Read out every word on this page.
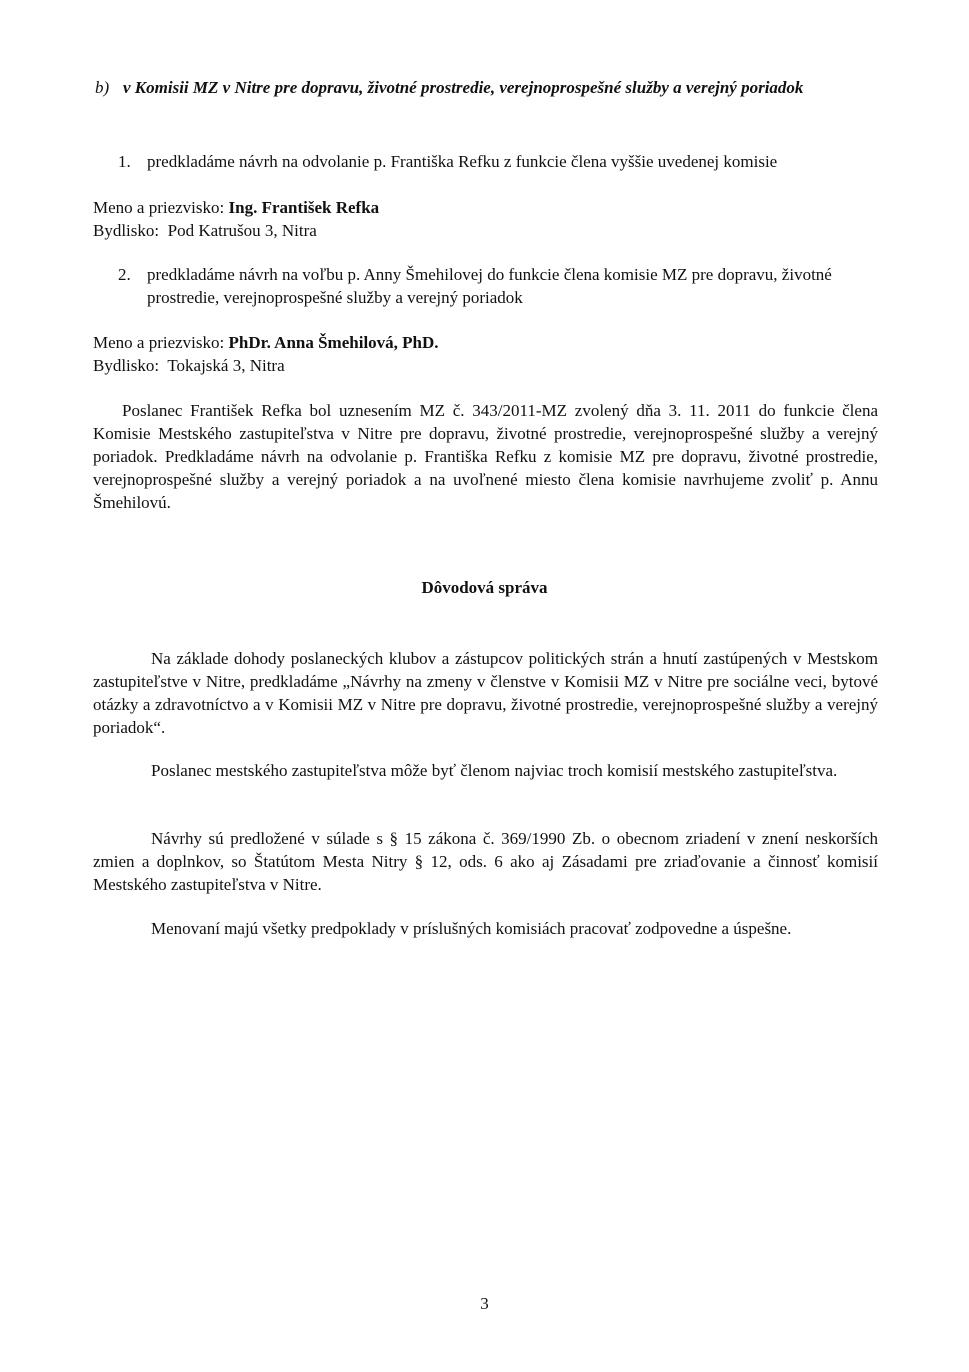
b) v Komisii MZ v Nitre pre dopravu, životné prostredie, verejnoprospešné služby a verejný poriadok
1. predkladáme návrh na odvolanie p. Františka Refku z funkcie člena vyššie uvedenej komisie
Meno a priezvisko: Ing. František Refka
Bydlisko: Pod Katrušou 3, Nitra
2. predkladáme návrh na voľbu p. Anny Šmehilovej do funkcie člena komisie MZ pre dopravu, životné prostredie, verejnoprospešné služby a verejný poriadok
Meno a priezvisko: PhDr. Anna Šmehilová, PhD.
Bydlisko: Tokajská 3, Nitra
Poslanec František Refka bol uznesením MZ č. 343/2011-MZ zvolený dňa 3. 11. 2011 do funkcie člena Komisie Mestského zastupiteľstva v Nitre pre dopravu, životné prostredie, verejnoprospešné služby a verejný poriadok. Predkladáme návrh na odvolanie p. Františka Refku z komisie MZ pre dopravu, životné prostredie, verejnoprospešné služby a verejný poriadok a na uvoľnené miesto člena komisie navrhujeme zvoliť p. Annu Šmehilovú.
Dôvodová správa
Na základe dohody poslaneckých klubov a zástupcov politických strán a hnutí zastúpených v Mestskom zastupiteľstve v Nitre, predkladáme „Návrhy na zmeny v členstve v Komisii MZ v Nitre pre sociálne veci, bytové otázky a zdravotníctvo a v Komisii MZ v Nitre pre dopravu, životné prostredie, verejnoprospešné služby a verejný poriadok“.
Poslanec mestského zastupiteľstva môže byť členom najviac troch komisií mestského zastupiteľstva.
Návrhy sú predložené v súlade s § 15 zákona č. 369/1990 Zb. o obecnom zriadení v znení neskorších zmien a doplnkov, so Štatútom Mesta Nitry § 12, ods. 6 ako aj Zásadami pre zriaďovanie a činnosť komisií Mestského zastupiteľstva v Nitre.
Menovaní majú všetky predpoklady v príslušných komisiách pracovať zodpovedne a úspešne.
3
